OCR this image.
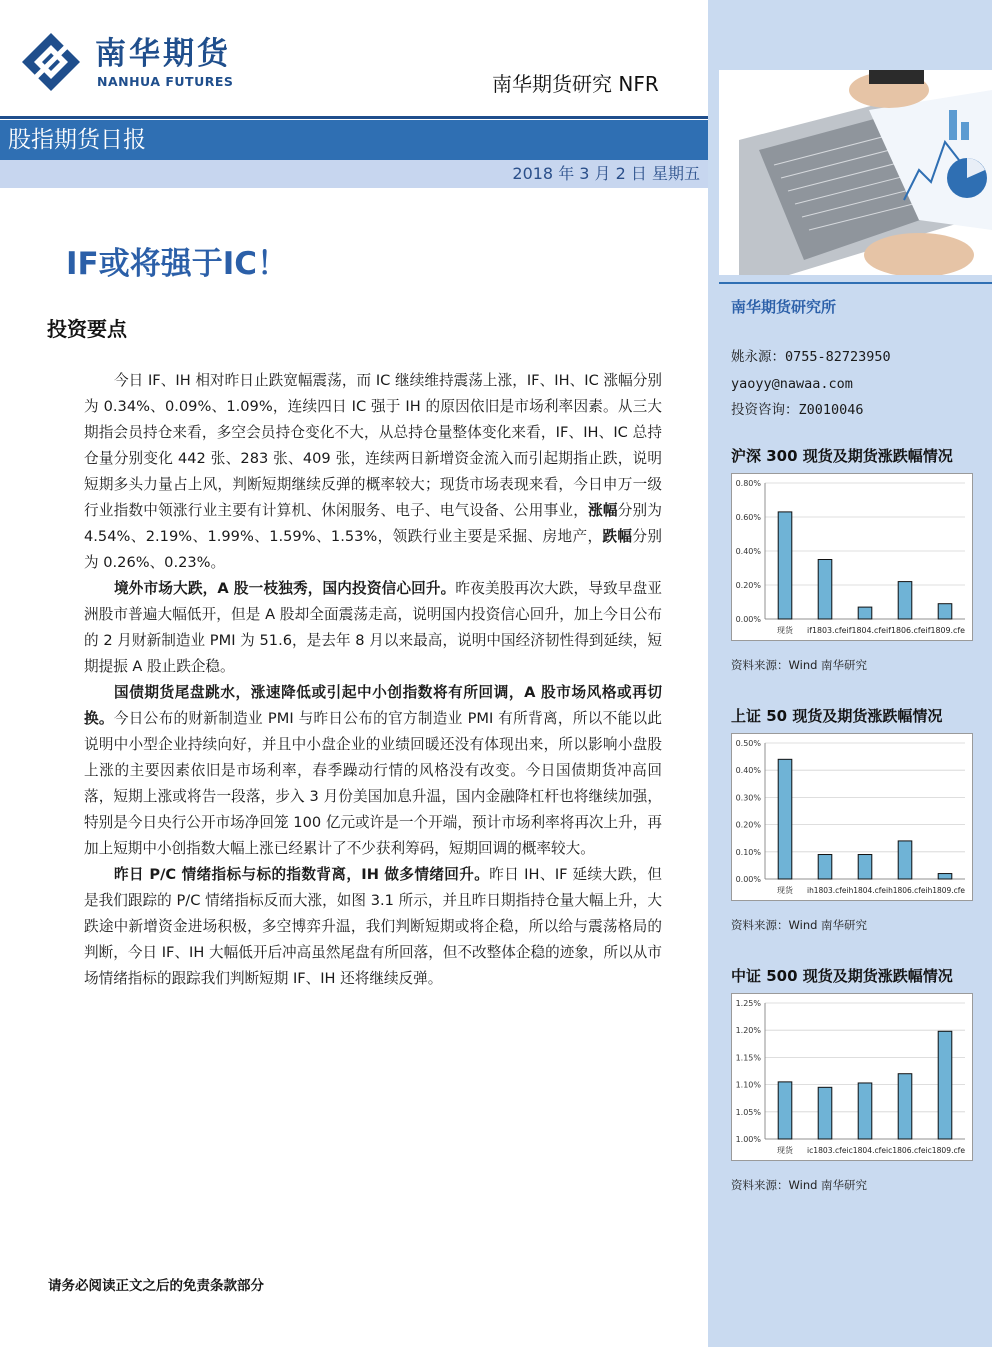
南华期货
NANHUA FUTURES	南华期货研究 NFR
股指期货日报
2018 年 3 月 2 日 星期五
IF或将强于IC！
投资要点

今日 IF、IH 相对昨日止跌宽幅震荡，而 IC 继续维持震荡上涨，IF、IH、IC 涨幅分别为 0.34%、0.09%、1.09%，连续四日 IC 强于 IH 的原因依旧是市场利率因素。从三大期指会员持仓来看，多空会员持仓变化不大，从总持仓量整体变化来看，IF、IH、IC 总持仓量分别变化 442 张、283 张、409 张，连续两日新增资金流入而引起期指止跌，说明短期多头力量占上风，判断短期继续反弹的概率较大；现货市场表现来看，今日申万一级行业指数中领涨行业主要有计算机、休闲服务、电子、电气设备、公用事业，涨幅分别为 4.54%、2.19%、1.99%、1.59%、1.53%，领跌行业主要是采掘、房地产，跌幅分别为 0.26%、0.23%。

境外市场大跌，A 股一枝独秀，国内投资信心回升。昨夜美股再次大跌，导致早盘亚洲股市普遍大幅低开，但是 A 股却全面震荡走高，说明国内投资信心回升，加上今日公布的 2 月财新制造业 PMI 为 51.6，是去年 8 月以来最高，说明中国经济韧性得到延续，短期提振 A 股止跌企稳。

国债期货尾盘跳水，涨速降低或引起中小创指数将有所回调，A 股市场风格或再切换。今日公布的财新制造业 PMI 与昨日公布的官方制造业 PMI 有所背离，所以不能以此说明中小型企业持续向好，并且中小盘企业的业绩回暖还没有体现出来，所以影响小盘股上涨的主要因素依旧是市场利率，春季躁动行情的风格没有改变。今日国债期货冲高回落，短期上涨或将告一段落，步入 3 月份美国加息升温，国内金融降杠杆也将继续加强，特别是今日央行公开市场净回笼 100 亿元或许是一个开端，预计市场利率将再次上升，再加上短期中小创指数大幅上涨已经累计了不少获利筹码，短期回调的概率较大。

昨日 P/C 情绪指标与标的指数背离，IH 做多情绪回升。昨日 IH、IF 延续大跌，但是我们跟踪的 P/C 情绪指标反而大涨，如图 3.1 所示，并且昨日期指持仓量大幅上升，大跌途中新增资金进场积极，多空博弈升温，我们判断短期或将企稳，所以给与震荡格局的判断，今日 IF、IH 大幅低开后冲高虽然尾盘有所回落，但不改整体企稳的迹象，所以从市场情绪指标的跟踪我们判断短期 IF、IH 还将继续反弹。

请务必阅读正文之后的免责条款部分
南华期货研究所
姚永源：0755-82723950
yaoyy@nawaa.com
投资咨询：Z0010046
沪深 300 现货及期货涨跌幅情况
0.00%
0.20%
0.40%
0.60%
0.80%
现货 if1803.cfeif1804.cfeif1806.cfeif1809.cfe
资料来源：Wind 南华研究
上证 50 现货及期货涨跌幅情况
0.00%
0.10%
0.20%
0.30%
0.40%
0.50%
现货 ih1803.cfeih1804.cfeih1806.cfeih1809.cfe
资料来源：Wind 南华研究
中证 500 现货及期货涨跌幅情况
1.00%
1.05%
1.10%
1.15%
1.20%
1.25%
现货 ic1803.cfeic1804.cfeic1806.cfeic1809.cfe
资料来源：Wind 南华研究
